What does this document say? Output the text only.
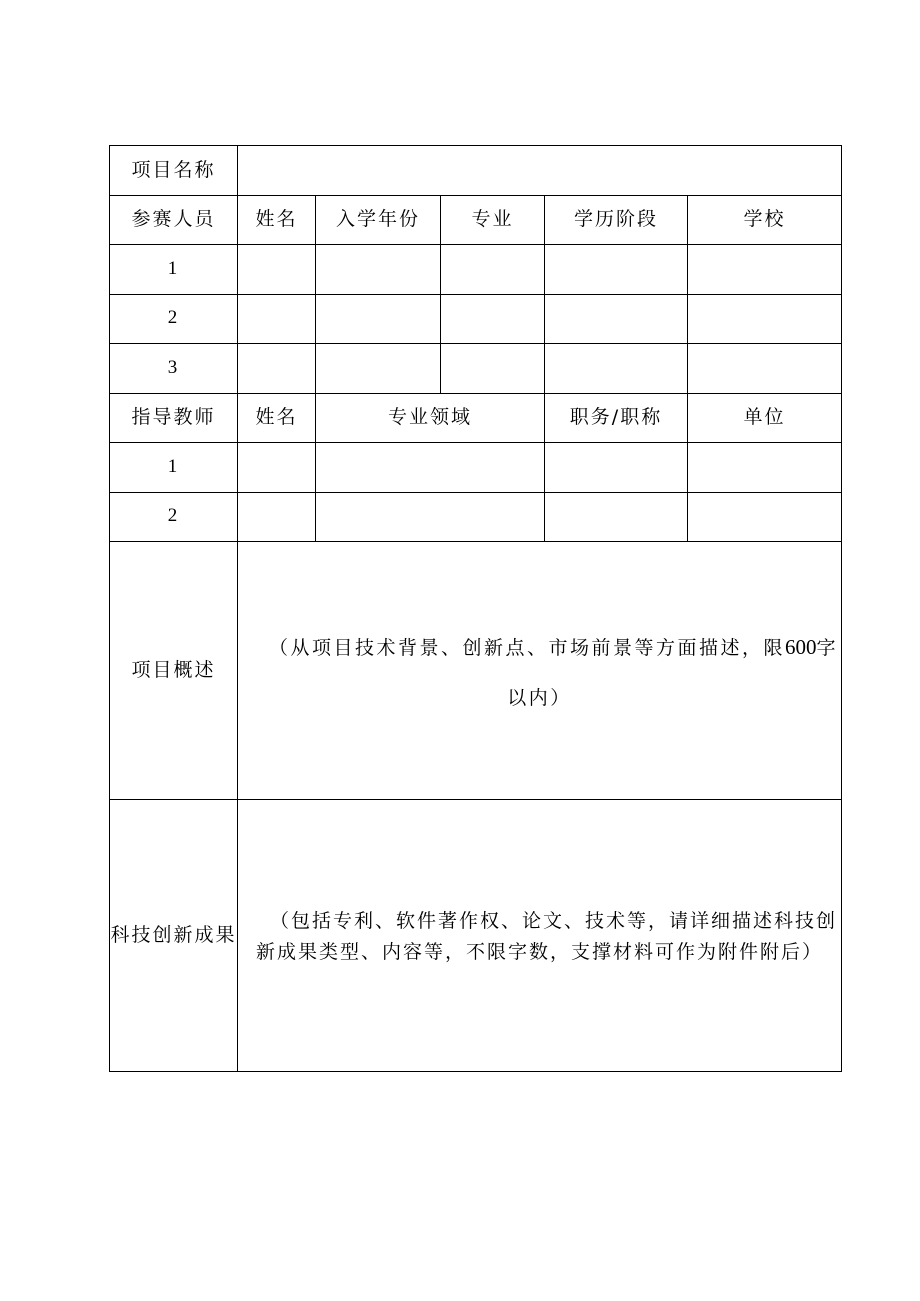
项目名称					
参赛人员	姓名	入学年份	专业	学历阶段	学校
1					
2					
3					
指导教师	姓名	专业领域		职务/职称	单位
1					
2					
项目概述	（从项目技术背景、创新点、市场前景等方面描述，限600字以内）				

科技创新成果	（包括专利、软件著作权、论文、技术等，请详细描述科技创新成果类型、内容等，不限字数，支撑材料可作为附件附后）				
